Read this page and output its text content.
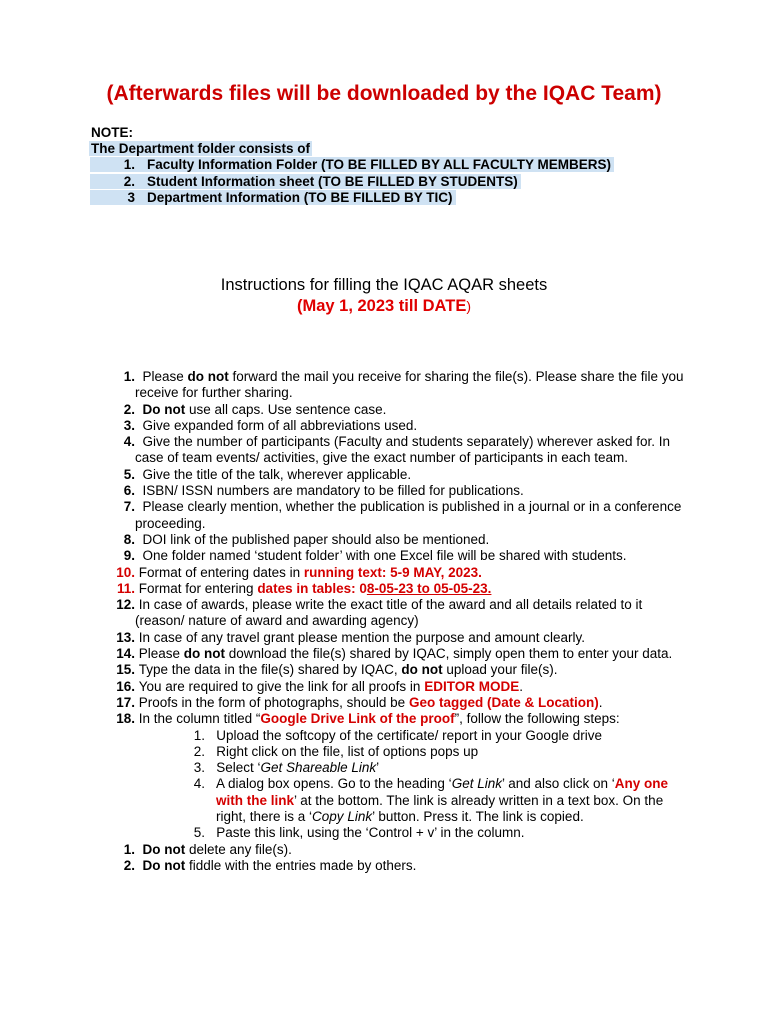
(Afterwards files will be downloaded by the IQAC Team)
NOTE:
The Department folder consists of
1. Faculty Information Folder (TO BE FILLED BY ALL FACULTY MEMBERS)
2. Student Information sheet (TO BE FILLED BY STUDENTS)
3 Department Information (TO BE FILLED BY TIC)
Instructions for filling the IQAC AQAR sheets
(May 1, 2023 till DATE)
1. Please do not forward the mail you receive for sharing the file(s). Please share the file you receive for further sharing.
2. Do not use all caps. Use sentence case.
3. Give expanded form of all abbreviations used.
4. Give the number of participants (Faculty and students separately) wherever asked for. In case of team events/ activities, give the exact number of participants in each team.
5. Give the title of the talk, wherever applicable.
6. ISBN/ ISSN numbers are mandatory to be filled for publications.
7. Please clearly mention, whether the publication is published in a journal or in a conference proceeding.
8. DOI link of the published paper should also be mentioned.
9. One folder named ‘student folder’ with one Excel file will be shared with students.
10. Format of entering dates in running text: 5-9 MAY, 2023.
11. Format for entering dates in tables: 08-05-23 to 05-05-23.
12. In case of awards, please write the exact title of the award and all details related to it (reason/ nature of award and awarding agency)
13. In case of any travel grant please mention the purpose and amount clearly.
14. Please do not download the file(s) shared by IQAC, simply open them to enter your data.
15. Type the data in the file(s) shared by IQAC, do not upload your file(s).
16. You are required to give the link for all proofs in EDITOR MODE.
17. Proofs in the form of photographs, should be Geo tagged (Date & Location).
18. In the column titled “Google Drive Link of the proof”, follow the following steps:
1. Upload the softcopy of the certificate/ report in your Google drive
2. Right click on the file, list of options pops up
3. Select ‘Get Shareable Link’
4. A dialog box opens. Go to the heading ‘Get Link’ and also click on ‘Any one with the link’ at the bottom. The link is already written in a text box. On the right, there is a ‘Copy Link’ button. Press it. The link is copied.
5. Paste this link, using the ‘Control + v’ in the column.
1. Do not delete any file(s).
2. Do not fiddle with the entries made by others.
